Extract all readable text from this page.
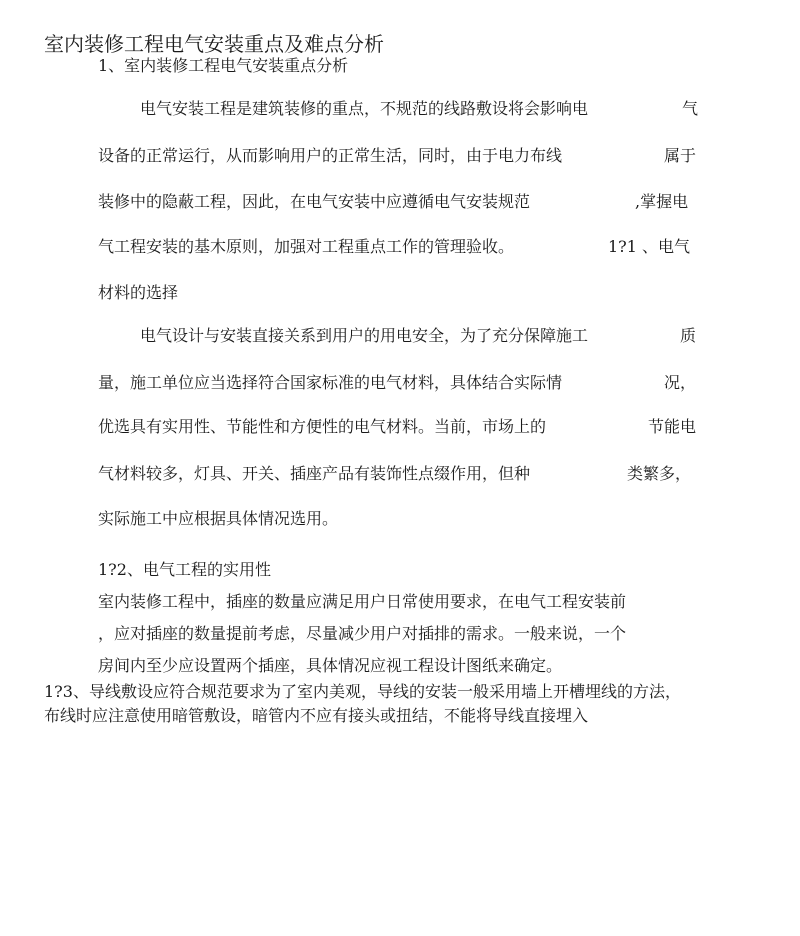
室内装修工程电气安装重点及难点分析
1、室内装修工程电气安装重点分析
电气安装工程是建筑装修的重点，不规范的线路敷设将会影响电	气
设备的正常运行，从而影响用户的正常生活，同时，由于电力布线	属于
装修中的隐蔽工程，因此，在电气安装中应遵循电气安装规范	,掌握电
气工程安装的基木原则，加强对工程重点工作的管理验收。	1?1 、电气
材料的选择
电气设计与安装直接关系到用户的用电安全，为了充分保障施工	质
量，施工单位应当选择符合国家标准的电气材料，具体结合实际情	况，
优选具有实用性、节能性和方便性的电气材料。当前，市场上的	节能电
气材料较多，灯具、开关、插座产品有装饰性点缀作用，但种	类繁多，
实际施工中应根据具体情况选用。
1?2、电气工程的实用性
室内装修工程中，插座的数量应满足用户日常使用要求，在电气工程安装前
，应对插座的数量提前考虑，尽量减少用户对插排的需求。一般来说，一个
房间内至少应设置两个插座，具体情况应视工程设计图纸来确定。
1?3、导线敷设应符合规范要求为了室内美观，导线的安装一般采用墙上开槽埋线的方法，
布线时应注意使用暗管敷设，暗管内不应有接头或扭结，不能将导线直接埋入
